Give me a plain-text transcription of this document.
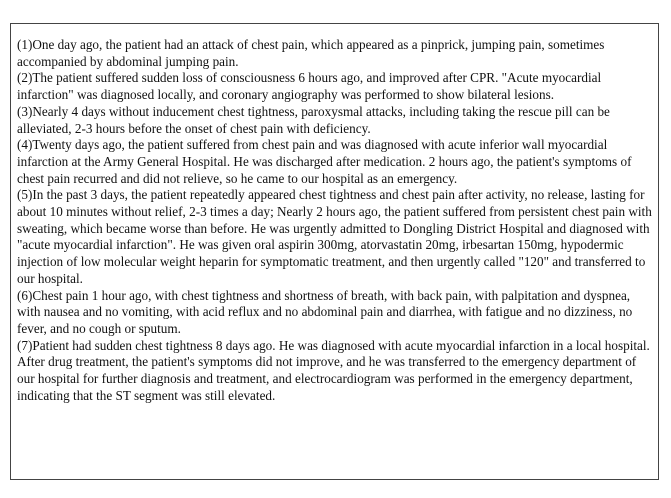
(1)One day ago, the patient had an attack of chest pain, which appeared as a pinprick, jumping pain, sometimes accompanied by abdominal jumping pain.
(2)The patient suffered sudden loss of consciousness 6 hours ago, and improved after CPR. "Acute myocardial infarction" was diagnosed locally, and coronary angiography was performed to show bilateral lesions.
(3)Nearly 4 days without inducement chest tightness, paroxysmal attacks, including taking the rescue pill can be alleviated, 2-3 hours before the onset of chest pain with deficiency.
(4)Twenty days ago, the patient suffered from chest pain and was diagnosed with acute inferior wall myocardial infarction at the Army General Hospital. He was discharged after medication. 2 hours ago, the patient's symptoms of chest pain recurred and did not relieve, so he came to our hospital as an emergency.
(5)In the past 3 days, the patient repeatedly appeared chest tightness and chest pain after activity, no release, lasting for about 10 minutes without relief, 2-3 times a day; Nearly 2 hours ago, the patient suffered from persistent chest pain with sweating, which became worse than before. He was urgently admitted to Dongling District Hospital and diagnosed with "acute myocardial infarction". He was given oral aspirin 300mg, atorvastatin 20mg, irbesartan 150mg, hypodermic injection of low molecular weight heparin for symptomatic treatment, and then urgently called "120" and transferred to our hospital.
(6)Chest pain 1 hour ago, with chest tightness and shortness of breath, with back pain, with palpitation and dyspnea, with nausea and no vomiting, with acid reflux and no abdominal pain and diarrhea, with fatigue and no dizziness, no fever, and no cough or sputum.
(7)Patient had sudden chest tightness 8 days ago. He was diagnosed with acute myocardial infarction in a local hospital. After drug treatment, the patient's symptoms did not improve, and he was transferred to the emergency department of our hospital for further diagnosis and treatment, and electrocardiogram was performed in the emergency department, indicating that the ST segment was still elevated.
